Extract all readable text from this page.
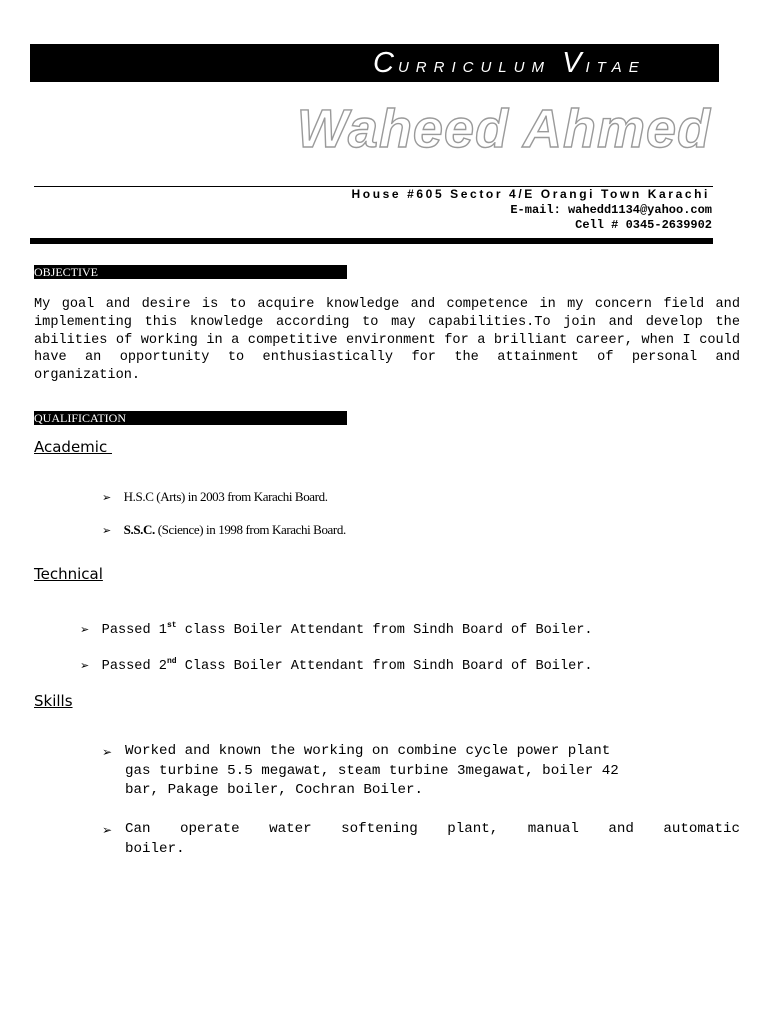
CURRICULUM VITAE
Waheed Ahmed
House #605 Sector 4/E Orangi Town Karachi
E-mail: wahedd1134@yahoo.com
Cell # 0345-2639902
OBJECTIVE
My goal and desire is to acquire knowledge and competence in my concern field and implementing this knowledge according to may capabilities.To join and develop the abilities of working in a competitive environment for a brilliant career, when I could have an opportunity to enthusiastically for the attainment of personal and organization.
QUALIFICATION
Academic
➢ H.S.C (Arts) in 2003 from Karachi Board.
➢ S.S.C. (Science) in 1998 from Karachi Board.
Technical
➢ Passed 1st class Boiler Attendant from Sindh Board of Boiler.
➢ Passed 2nd Class Boiler Attendant from Sindh Board of Boiler.
Skills
➢ Worked and known the working on combine cycle power plant
gas turbine 5.5 megawat, steam turbine 3megawat, boiler 42
bar, Pakage boiler, Cochran Boiler.
➢ Can operate water softening plant, manual and automatic
boiler.
